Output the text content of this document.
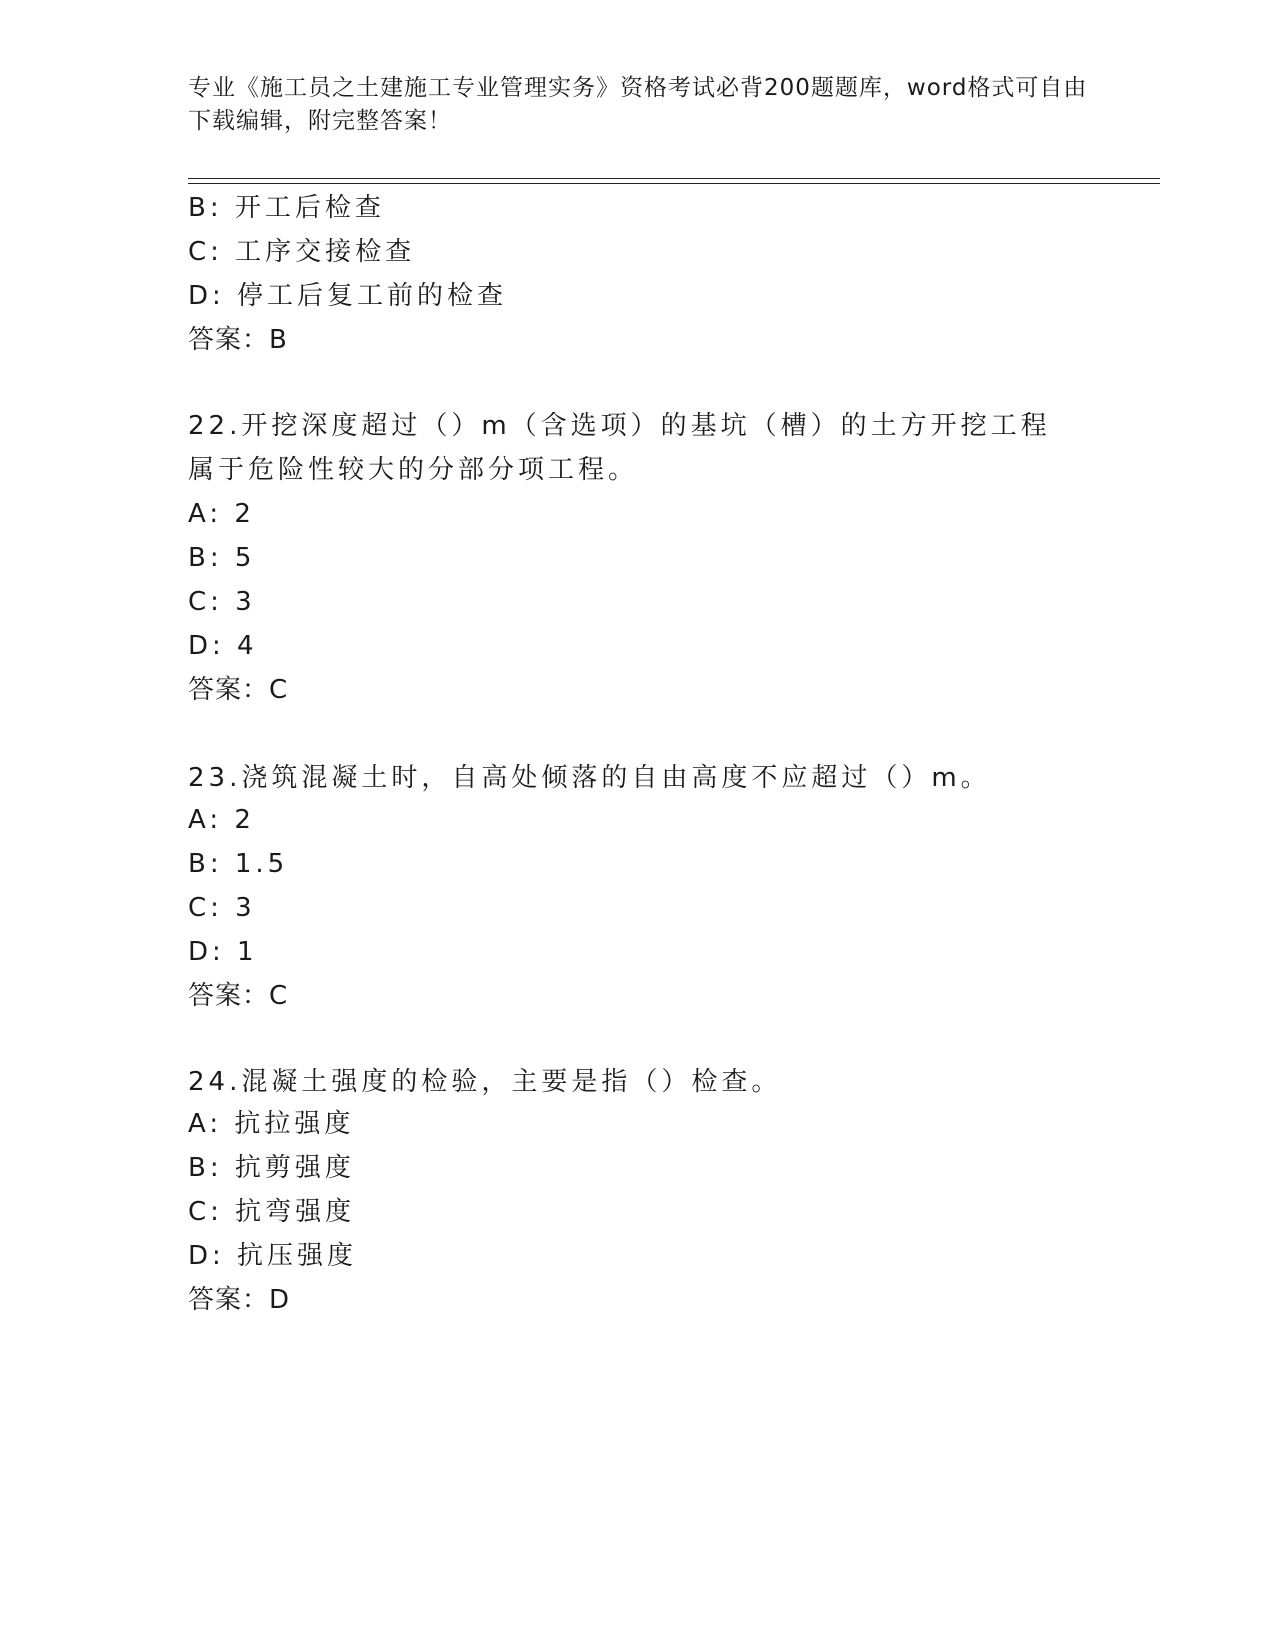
专业《施工员之土建施工专业管理实务》资格考试必背200题题库，word格式可自由下载编辑，附完整答案！
B: 开工后检查
C: 工序交接检查
D: 停工后复工前的检查
答案：B
22.开挖深度超过（）m（含选项）的基坑（槽）的土方开挖工程属于危险性较大的分部分项工程。
A: 2
B: 5
C: 3
D: 4
答案：C
23.浇筑混凝土时，自高处倾落的自由高度不应超过（）m。
A: 2
B: 1.5
C: 3
D: 1
答案：C
24.混凝土强度的检验，主要是指（）检查。
A: 抗拉强度
B: 抗剪强度
C: 抗弯强度
D: 抗压强度
答案：D
